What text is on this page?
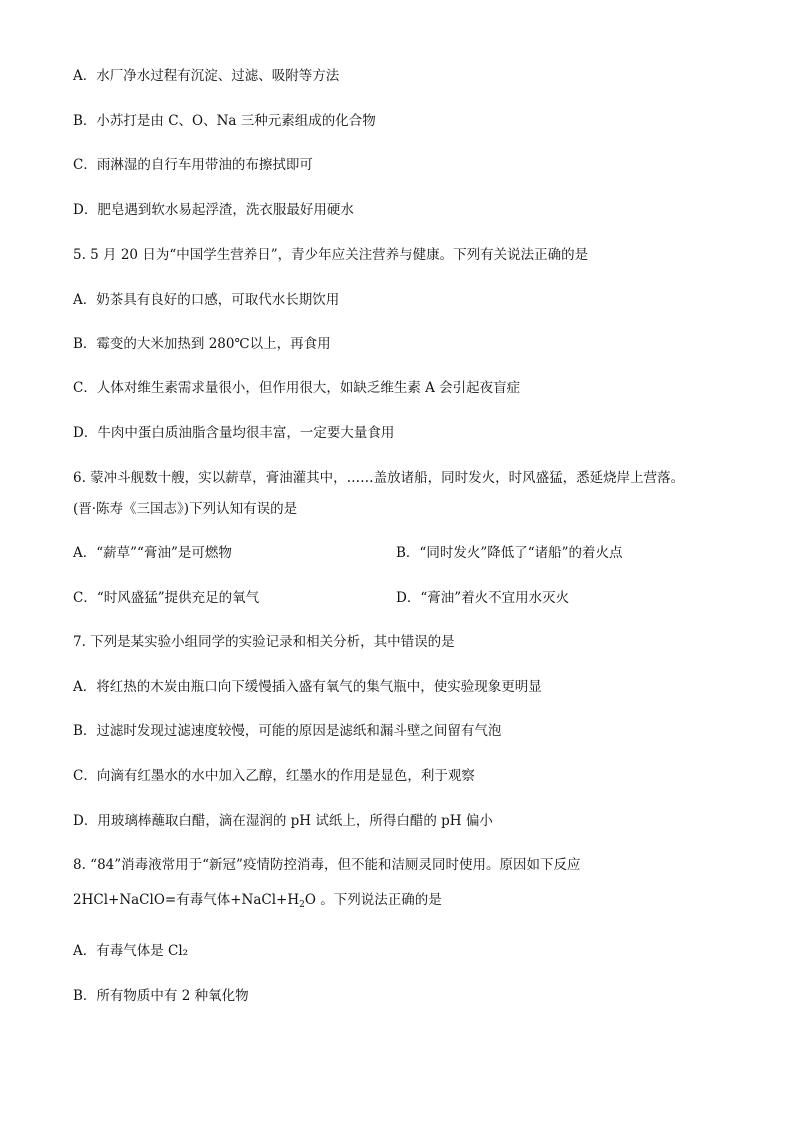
A．水厂净水过程有沉淀、过滤、吸附等方法
B．小苏打是由 C、O、Na 三种元素组成的化合物
C．雨淋湿的自行车用带油的布擦拭即可
D．肥皂遇到软水易起浮渣，洗衣服最好用硬水
5. 5 月 20 日为“中国学生营养日”，青少年应关注营养与健康。下列有关说法正确的是
A．奶茶具有良好的口感，可取代水长期饮用
B．霉变的大米加热到 280℃以上，再食用
C．人体对维生素需求量很小，但作用很大，如缺乏维生素 A 会引起夜盲症
D．牛肉中蛋白质油脂含量均很丰富，一定要大量食用
6. 蒙冲斗舰数十艘，实以薪草，膏油灌其中，……盖放诸船，同时发火，时风盛猛，悉延烧岸上营落。
(晋·陈寿《三国志》)下列认知有误的是
A．“薪草”“膏油”是可燃物	B．“同时发火”降低了“诸船”的着火点
C．“时风盛猛”提供充足的氧气	D．“膏油”着火不宜用水灭火
7. 下列是某实验小组同学的实验记录和相关分析，其中错误的是
A．将红热的木炭由瓶口向下缓慢插入盛有氧气的集气瓶中，使实验现象更明显
B．过滤时发现过滤速度较慢，可能的原因是滤纸和漏斗壁之间留有气泡
C．向滴有红墨水的水中加入乙醇，红墨水的作用是显色，利于观察
D．用玻璃棒蘸取白醋，滴在湿润的 pH 试纸上，所得白醋的 pH 偏小
8. “84”消毒液常用于“新冠”疫情防控消毒，但不能和洁厕灵同时使用。原因如下反应
2HCl+NaClO=有毒气体$+NaCl+H_2O$ 。下列说法正确的是
A．有毒气体是 Cl₂
B．所有物质中有 2 种氧化物
